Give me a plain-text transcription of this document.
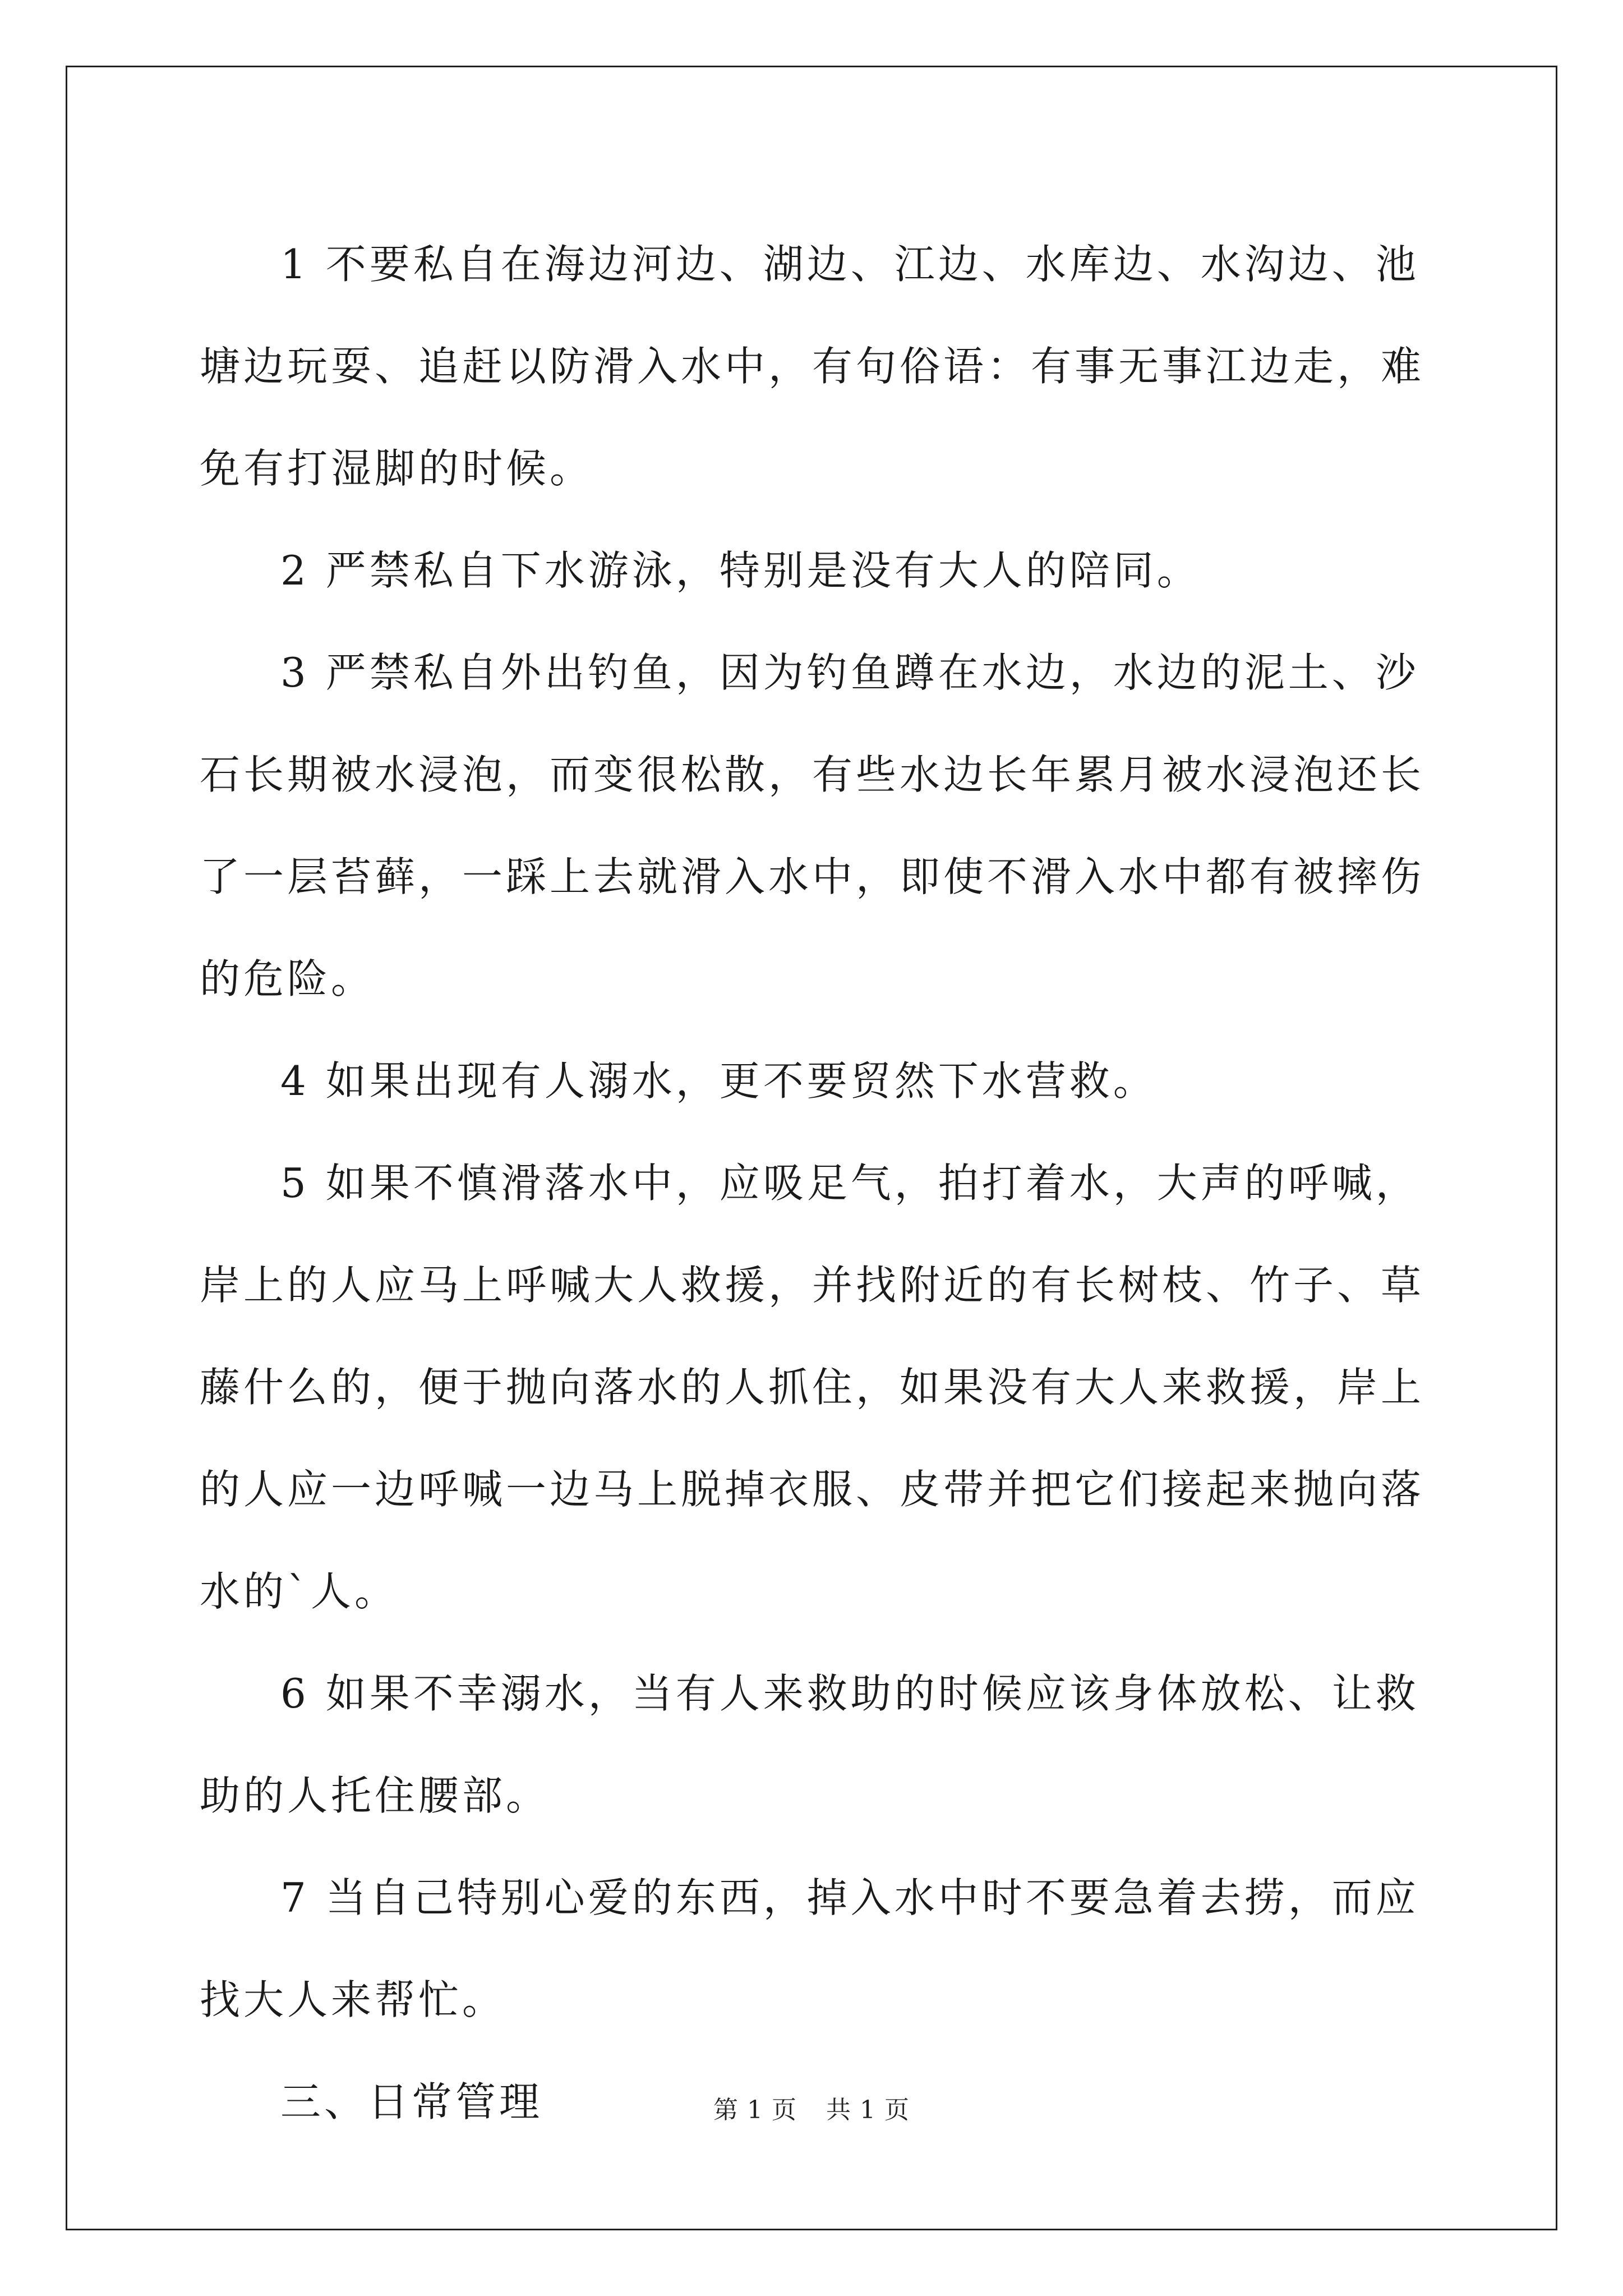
1 不要私自在海边河边、湖边、江边、水库边、水沟边、池塘边玩耍、追赶以防滑入水中，有句俗语：有事无事江边走，难免有打湿脚的时候。

2 严禁私自下水游泳，特别是没有大人的陪同。

3 严禁私自外出钓鱼，因为钓鱼蹲在水边，水边的泥土、沙石长期被水浸泡，而变很松散，有些水边长年累月被水浸泡还长了一层苔藓，一踩上去就滑入水中，即使不滑入水中都有被摔伤的危险。

4 如果出现有人溺水，更不要贸然下水营救。

5 如果不慎滑落水中，应吸足气，拍打着水，大声的呼喊，岸上的人应马上呼喊大人救援，并找附近的有长树枝、竹子、草藤什么的，便于抛向落水的人抓住，如果没有大人来救援，岸上的人应一边呼喊一边马上脱掉衣服、皮带并把它们接起来抛向落水的`人。

6 如果不幸溺水，当有人来救助的时候应该身体放松、让救助的人托住腰部。

7 当自己特别心爱的东西，掉入水中时不要急着去捞，而应找大人来帮忙。

三、日常管理	第 1 页 共 1 页
